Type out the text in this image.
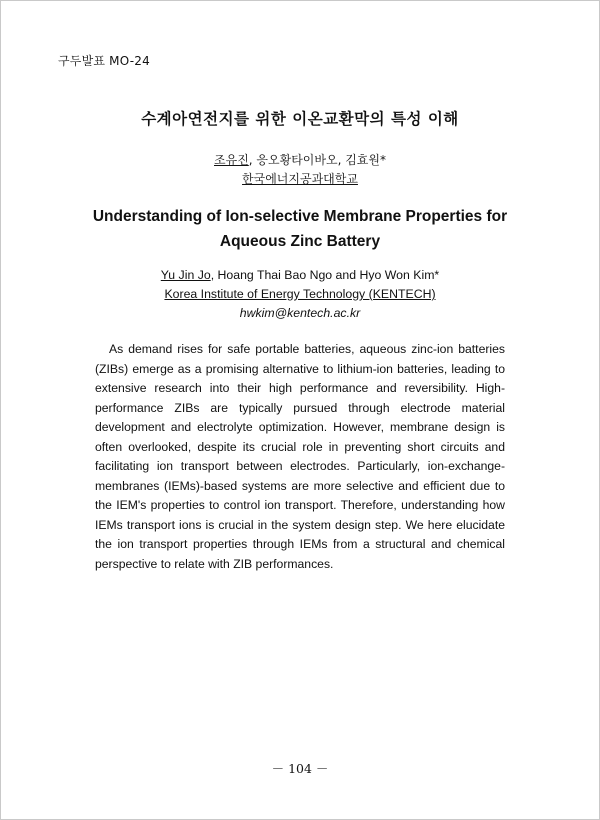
구두발표 MO-24
수계아연전지를 위한 이온교환막의 특성 이해
조유진, 응오황타이바오, 김효원*
한국에너지공과대학교
Understanding of Ion-selective Membrane Properties for
Aqueous Zinc Battery
Yu Jin Jo, Hoang Thai Bao Ngo and Hyo Won Kim*
Korea Institute of Energy Technology (KENTECH)
hwkim@kentech.ac.kr

As demand rises for safe portable batteries, aqueous zinc-ion batteries (ZIBs) emerge as a promising alternative to lithium-ion batteries, leading to extensive research into their high performance and reversibility. High-performance ZIBs are typically pursued through electrode material development and electrolyte optimization. However, membrane design is often overlooked, despite its crucial role in preventing short circuits and facilitating ion transport between electrodes. Particularly, ion-exchange-membranes (IEMs)-based systems are more selective and efficient due to the IEM's properties to control ion transport. Therefore, understanding how IEMs transport ions is crucial in the system design step. We here elucidate the ion transport properties through IEMs from a structural and chemical perspective to relate with ZIB performances.

－ 104 －
